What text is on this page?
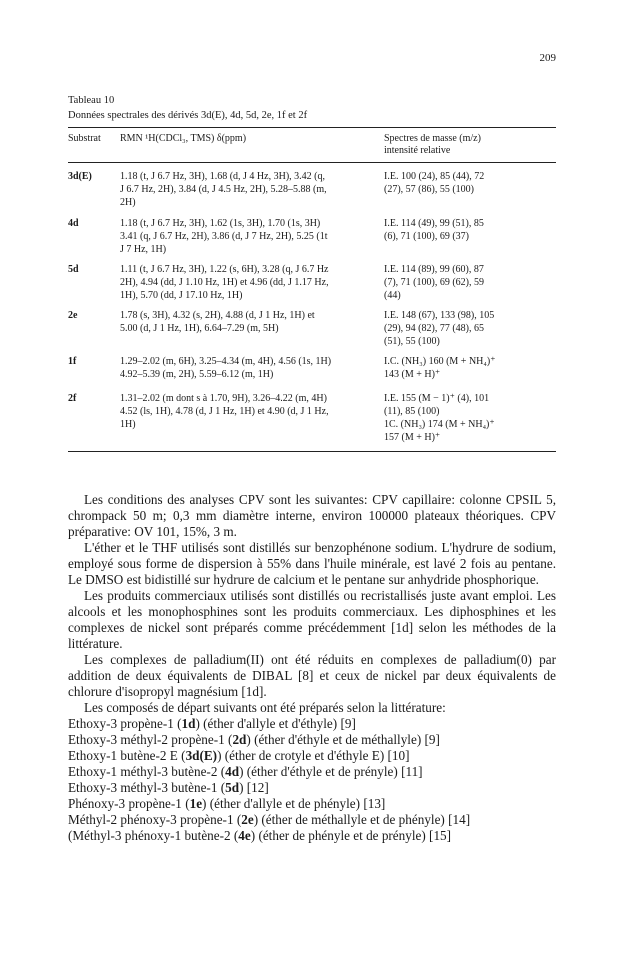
209
Tableau 10
Données spectrales des dérivés 3d(E), 4d, 5d, 2e, 1f et 2f
Substrat RMN ¹H(CDCl₃, TMS) δ(ppm)	Spectres de masse (m/z)
intensité relative
3d(E)	1.18 (t, J 6.7 Hz, 3H), 1.68 (d, J 4 Hz, 3H), 3.42 (q,
J 6.7 Hz, 2H), 3.84 (d, J 4.5 Hz, 2H), 5.28–5.88 (m,
2H)
I.E. 100 (24), 85 (44), 72
(27), 57 (86), 55 (100)
4d	1.18 (t, J 6.7 Hz, 3H), 1.62 (1s, 3H), 1.70 (1s, 3H)
3.41 (q, J 6.7 Hz, 2H), 3.86 (d, J 7 Hz, 2H), 5.25 (1t
J 7 Hz, 1H)
I.E. 114 (49), 99 (51), 85
(6), 71 (100), 69 (37)
5d	1.11 (t, J 6.7 Hz, 3H), 1.22 (s, 6H), 3.28 (q, J 6.7 Hz
2H), 4.94 (dd, J 1.10 Hz, 1H) et 4.96 (dd, J 1.17 Hz,
1H), 5.70 (dd, J 17.10 Hz, 1H)
I.E. 114 (89), 99 (60), 87
(7), 71 (100), 69 (62), 59
(44)
2e	1.78 (s, 3H), 4.32 (s, 2H), 4.88 (d, J 1 Hz, 1H) et
5.00 (d, J 1 Hz, 1H), 6.64–7.29 (m, 5H)
I.E. 148 (67), 133 (98), 105
(29), 94 (82), 77 (48), 65
(51), 55 (100)
1f	1.29–2.02 (m, 6H), 3.25–4.34 (m, 4H), 4.56 (1s, 1H)
4.92–5.39 (m, 2H), 5.59–6.12 (m, 1H)
I.C. (NH₃) 160 (M + NH₄)⁺
143 (M + H)⁺
2f	1.31–2.02 (m dont s à 1.70, 9H), 3.26–4.22 (m, 4H)
4.52 (ls, 1H), 4.78 (d, J 1 Hz, 1H) et 4.90 (d, J 1 Hz,
1H)
I.E. 155 (M − 1)⁺ (4), 101
(11), 85 (100)
1C. (NH₃) 174 (M + NH₄)⁺
157 (M + H)⁺

Les conditions des analyses CPV sont les suivantes: CPV capillaire: colonne CPSIL 5, chrompack 50 m; 0,3 mm diamètre interne, environ 100000 plateaux théoriques. CPV préparative: OV 101, 15%, 3 m.

L'éther et le THF utilisés sont distillés sur benzophénone sodium. L'hydrure de sodium, employé sous forme de dispersion à 55% dans l'huile minérale, est lavé 2 fois au pentane. Le DMSO est bidistillé sur hydrure de calcium et le pentane sur anhydride phosphorique.

Les produits commerciaux utilisés sont distillés ou recristallisés juste avant emploi. Les alcools et les monophosphines sont les produits commerciaux. Les diphosphines et les complexes de nickel sont préparés comme précédemment [1d] selon les méthodes de la littérature.

Les complexes de palladium(II) ont été réduits en complexes de palladium(0) par addition de deux équivalents de DIBAL [8] et ceux de nickel par deux équivalents de chlorure d'isopropyl magnésium [1d].

Les composés de départ suivants ont été préparés selon la littérature:

Ethoxy-3 propène-1 (1d) (éther d'allyle et d'éthyle) [9]
Ethoxy-3 méthyl-2 propène-1 (2d) (éther d'éthyle et de méthallyle) [9]
Ethoxy-1 butène-2 E (3d(E)) (éther de crotyle et d'éthyle E) [10]
Ethoxy-1 méthyl-3 butène-2 (4d) (éther d'éthyle et de prényle) [11]
Ethoxy-3 méthyl-3 butène-1 (5d) [12]
Phénoxy-3 propène-1 (1e) (éther d'allyle et de phényle) [13]
Méthyl-2 phénoxy-3 propène-1 (2e) (éther de méthallyle et de phényle) [14]
(Méthyl-3 phénoxy-1 butène-2 (4e) (éther de phényle et de prényle) [15]
